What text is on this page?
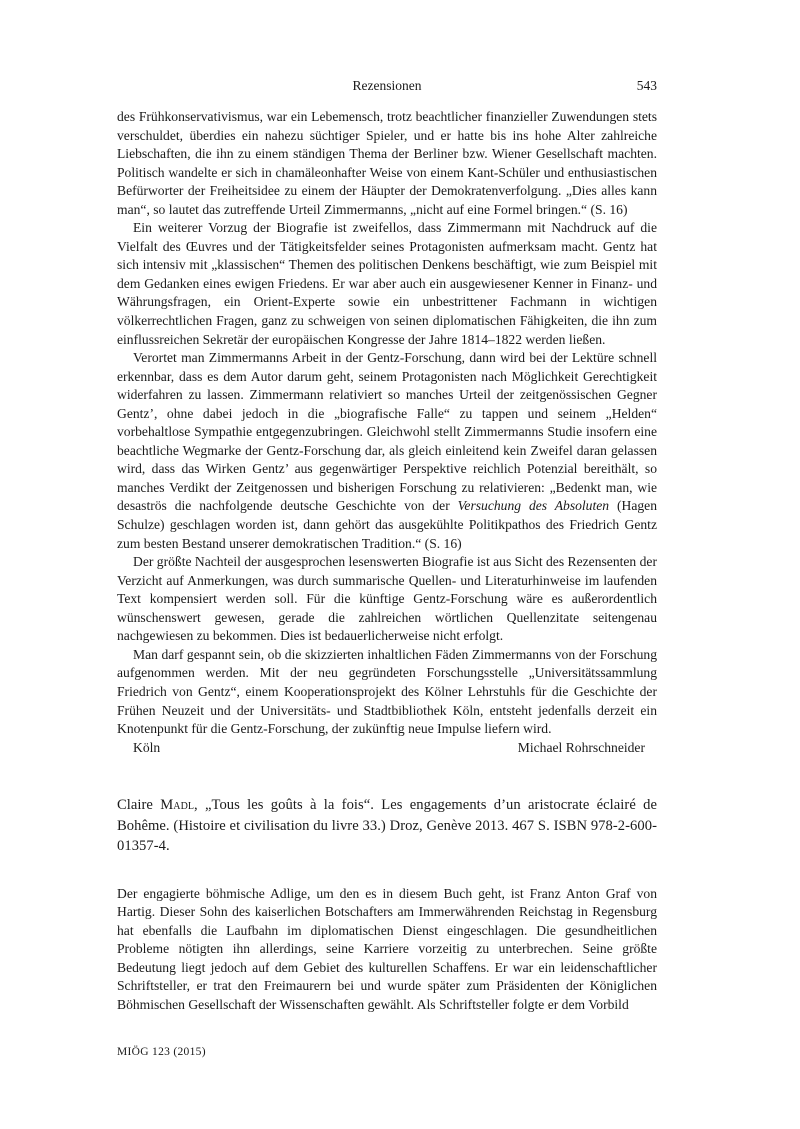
Rezensionen	543

des Frühkonservativismus, war ein Lebemensch, trotz beachtlicher finanzieller Zuwendungen stets verschuldet, überdies ein nahezu süchtiger Spieler, und er hatte bis ins hohe Alter zahlreiche Liebschaften, die ihn zu einem ständigen Thema der Berliner bzw. Wiener Gesellschaft machten. Politisch wandelte er sich in chamäleonhafter Weise von einem Kant-Schüler und enthusiastischen Befürworter der Freiheitsidee zu einem der Häupter der Demokratenverfolgung. „Dies alles kann man“, so lautet das zutreffende Urteil Zimmermanns, „nicht auf eine Formel bringen.“ (S. 16)

Ein weiterer Vorzug der Biografie ist zweifellos, dass Zimmermann mit Nachdruck auf die Vielfalt des Œuvres und der Tätigkeitsfelder seines Protagonisten aufmerksam macht. Gentz hat sich intensiv mit „klassischen“ Themen des politischen Denkens beschäftigt, wie zum Beispiel mit dem Gedanken eines ewigen Friedens. Er war aber auch ein ausgewiesener Kenner in Finanz- und Währungsfragen, ein Orient-Experte sowie ein unbestrittener Fachmann in wichtigen völkerrechtlichen Fragen, ganz zu schweigen von seinen diplomatischen Fähigkeiten, die ihn zum einflussreichen Sekretär der europäischen Kongresse der Jahre 1814–1822 werden ließen.

Verortet man Zimmermanns Arbeit in der Gentz-Forschung, dann wird bei der Lektüre schnell erkennbar, dass es dem Autor darum geht, seinem Protagonisten nach Möglichkeit Gerechtigkeit widerfahren zu lassen. Zimmermann relativiert so manches Urteil der zeitgenössischen Gegner Gentz’, ohne dabei jedoch in die „biografische Falle“ zu tappen und seinem „Helden“ vorbehaltlose Sympathie entgegenzubringen. Gleichwohl stellt Zimmermanns Studie insofern eine beachtliche Wegmarke der Gentz-Forschung dar, als gleich einleitend kein Zweifel daran gelassen wird, dass das Wirken Gentz’ aus gegenwärtiger Perspektive reichlich Potenzial bereithält, so manches Verdikt der Zeitgenossen und bisherigen Forschung zu relativieren: „Bedenkt man, wie desaströs die nachfolgende deutsche Geschichte von der Versuchung des Absoluten (Hagen Schulze) geschlagen worden ist, dann gehört das ausgekühlte Politikpathos des Friedrich Gentz zum besten Bestand unserer demokratischen Tradition.“ (S. 16)

Der größte Nachteil der ausgesprochen lesenswerten Biografie ist aus Sicht des Rezensenten der Verzicht auf Anmerkungen, was durch summarische Quellen- und Literaturhinweise im laufenden Text kompensiert werden soll. Für die künftige Gentz-Forschung wäre es außerordentlich wünschenswert gewesen, gerade die zahlreichen wörtlichen Quellenzitate seitengenau nachgewiesen zu bekommen. Dies ist bedauerlicherweise nicht erfolgt.

Man darf gespannt sein, ob die skizzierten inhaltlichen Fäden Zimmermanns von der Forschung aufgenommen werden. Mit der neu gegründeten Forschungsstelle „Universitätssammlung Friedrich von Gentz“, einem Kooperationsprojekt des Kölner Lehrstuhls für die Geschichte der Frühen Neuzeit und der Universitäts- und Stadtbibliothek Köln, entsteht jedenfalls derzeit ein Knotenpunkt für die Gentz-Forschung, der zukünftig neue Impulse liefern wird.

Köln	Michael Rohrschneider

Claire Madl, „Tous les goûts à la fois“. Les engagements d’un aristocrate éclairé de Bohême. (Histoire et civilisation du livre 33.) Droz, Genève 2013. 467 S. ISBN 978-2-600-01357-4.

Der engagierte böhmische Adlige, um den es in diesem Buch geht, ist Franz Anton Graf von Hartig. Dieser Sohn des kaiserlichen Botschafters am Immerwährenden Reichstag in Regensburg hat ebenfalls die Laufbahn im diplomatischen Dienst eingeschlagen. Die gesundheitlichen Probleme nötigten ihn allerdings, seine Karriere vorzeitig zu unterbrechen. Seine größte Bedeutung liegt jedoch auf dem Gebiet des kulturellen Schaffens. Er war ein leidenschaftlicher Schriftsteller, er trat den Freimaurern bei und wurde später zum Präsidenten der Königlichen Böhmischen Gesellschaft der Wissenschaften gewählt. Als Schriftsteller folgte er dem Vorbild

MIÖG 123 (2015)
